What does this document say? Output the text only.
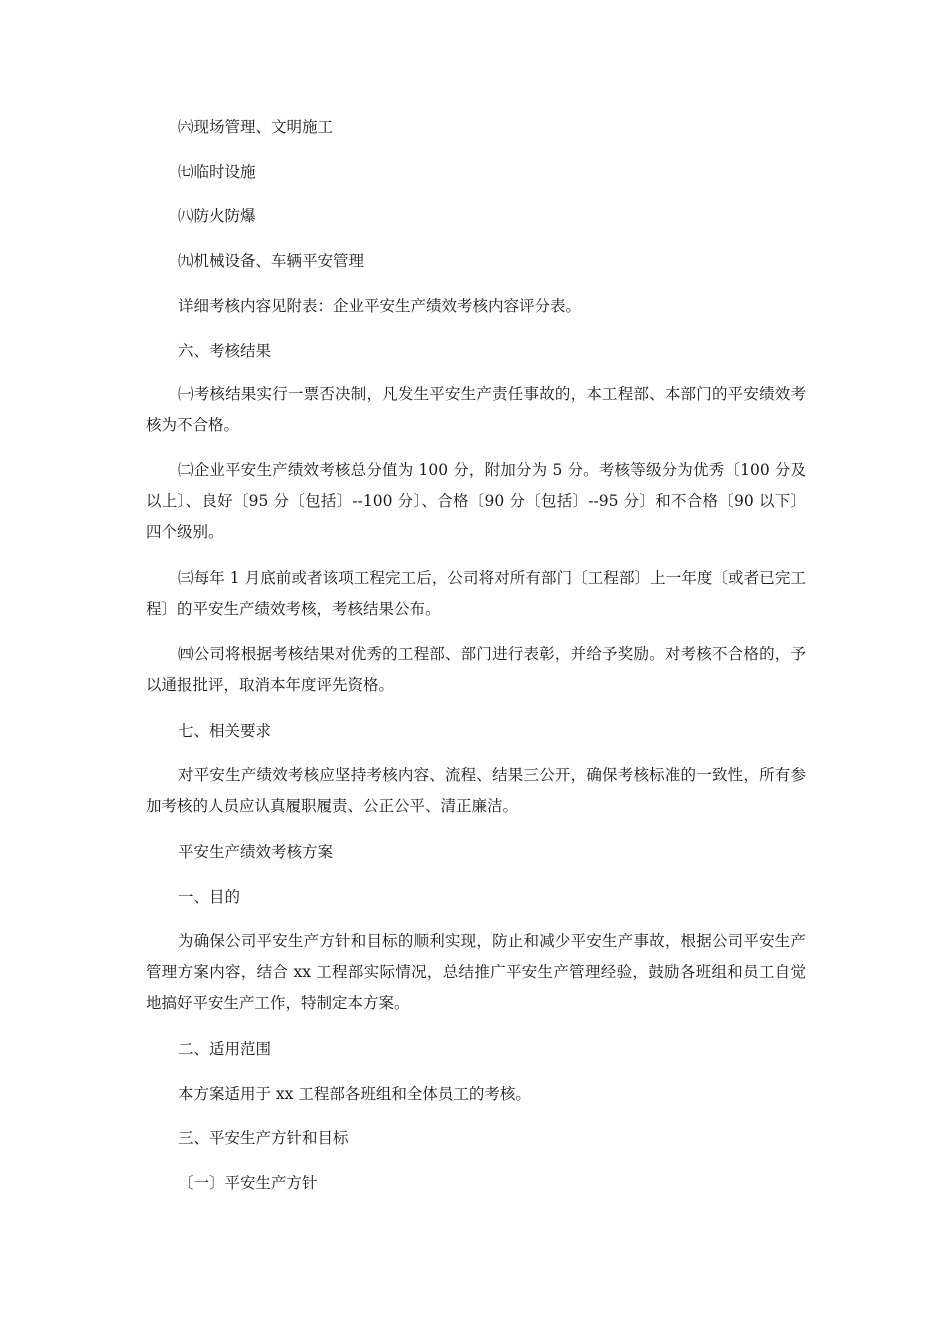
㈥现场管理、文明施工

㈦临时设施

㈧防火防爆

㈨机械设备、车辆平安管理

详细考核内容见附表：企业平安生产绩效考核内容评分表。

六、考核结果

㈠考核结果实行一票否决制，凡发生平安生产责任事故的，本工程部、本部门的平安绩效考核为不合格。

㈡企业平安生产绩效考核总分值为 100 分，附加分为 5 分。考核等级分为优秀〔100 分及以上〕、良好〔95 分〔包括〕--100 分〕、合格〔90 分〔包括〕--95 分〕和不合格〔90 以下〕四个级别。

㈢每年 1 月底前或者该项工程完工后，公司将对所有部门〔工程部〕上一年度〔或者已完工程〕的平安生产绩效考核，考核结果公布。

㈣公司将根据考核结果对优秀的工程部、部门进行表彰，并给予奖励。对考核不合格的，予以通报批评，取消本年度评先资格。

七、相关要求

对平安生产绩效考核应坚持考核内容、流程、结果三公开，确保考核标准的一致性，所有参加考核的人员应认真履职履责、公正公平、清正廉洁。

平安生产绩效考核方案

一、目的

为确保公司平安生产方针和目标的顺利实现，防止和减少平安生产事故，根据公司平安生产管理方案内容，结合 xx 工程部实际情况，总结推广平安生产管理经验，鼓励各班组和员工自觉地搞好平安生产工作，特制定本方案。

二、适用范围

本方案适用于 xx 工程部各班组和全体员工的考核。

三、平安生产方针和目标

〔一〕平安生产方针
